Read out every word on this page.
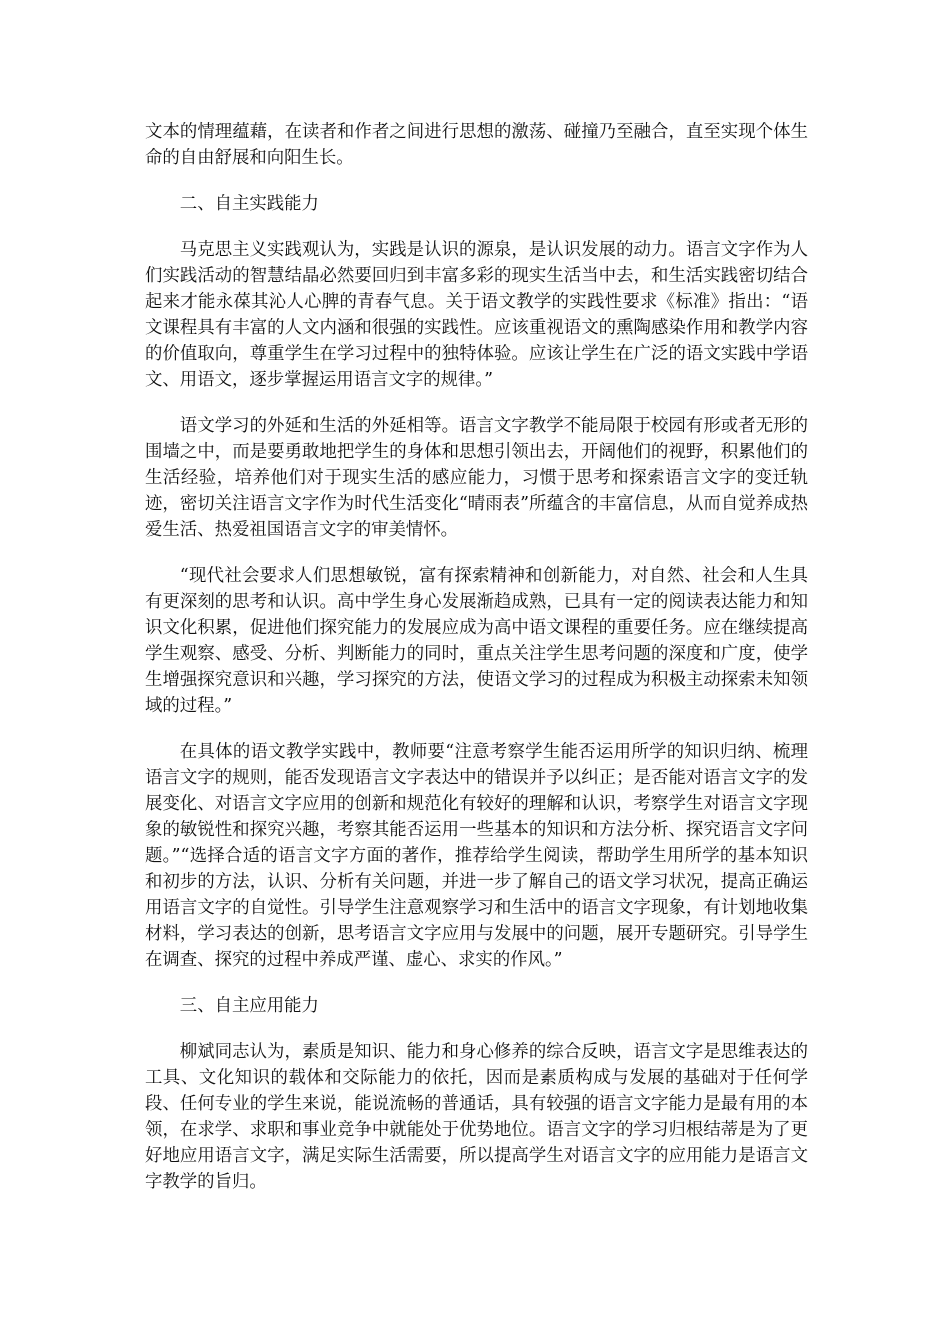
文本的情理蕴藉，在读者和作者之间进行思想的激荡、碰撞乃至融合，直至实现个体生命的自由舒展和向阳生长。

二、自主实践能力

马克思主义实践观认为，实践是认识的源泉，是认识发展的动力。语言文字作为人们实践活动的智慧结晶必然要回归到丰富多彩的现实生活当中去，和生活实践密切结合起来才能永葆其沁人心脾的青春气息。关于语文教学的实践性要求《标准》指出：“语文课程具有丰富的人文内涵和很强的实践性。应该重视语文的熏陶感染作用和教学内容的价值取向，尊重学生在学习过程中的独特体验。应该让学生在广泛的语文实践中学语文、用语文，逐步掌握运用语言文字的规律。”

语文学习的外延和生活的外延相等。语言文字教学不能局限于校园有形或者无形的围墙之中，而是要勇敢地把学生的身体和思想引领出去，开阔他们的视野，积累他们的生活经验，培养他们对于现实生活的感应能力，习惯于思考和探索语言文字的变迁轨迹，密切关注语言文字作为时代生活变化“晴雨表”所蕴含的丰富信息，从而自觉养成热爱生活、热爱祖国语言文字的审美情怀。

“现代社会要求人们思想敏锐，富有探索精神和创新能力，对自然、社会和人生具有更深刻的思考和认识。高中学生身心发展渐趋成熟，已具有一定的阅读表达能力和知识文化积累，促进他们探究能力的发展应成为高中语文课程的重要任务。应在继续提高学生观察、感受、分析、判断能力的同时，重点关注学生思考问题的深度和广度，使学生增强探究意识和兴趣，学习探究的方法，使语文学习的过程成为积极主动探索未知领域的过程。”

在具体的语文教学实践中，教师要“注意考察学生能否运用所学的知识归纳、梳理语言文字的规则，能否发现语言文字表达中的错误并予以纠正；是否能对语言文字的发展变化、对语言文字应用的创新和规范化有较好的理解和认识，考察学生对语言文字现象的敏锐性和探究兴趣，考察其能否运用一些基本的知识和方法分析、探究语言文字问题。”“选择合适的语言文字方面的著作，推荐给学生阅读，帮助学生用所学的基本知识和初步的方法，认识、分析有关问题，并进一步了解自己的语文学习状况，提高正确运用语言文字的自觉性。引导学生注意观察学习和生活中的语言文字现象，有计划地收集材料，学习表达的创新，思考语言文字应用与发展中的问题，展开专题研究。引导学生在调查、探究的过程中养成严谨、虚心、求实的作风。”

三、自主应用能力

柳斌同志认为，素质是知识、能力和身心修养的综合反映，语言文字是思维表达的工具、文化知识的载体和交际能力的依托，因而是素质构成与发展的基础对于任何学段、任何专业的学生来说，能说流畅的普通话，具有较强的语言文字能力是最有用的本领，在求学、求职和事业竞争中就能处于优势地位。语言文字的学习归根结蒂是为了更好地应用语言文字，满足实际生活需要，所以提高学生对语言文字的应用能力是语言文字教学的旨归。
